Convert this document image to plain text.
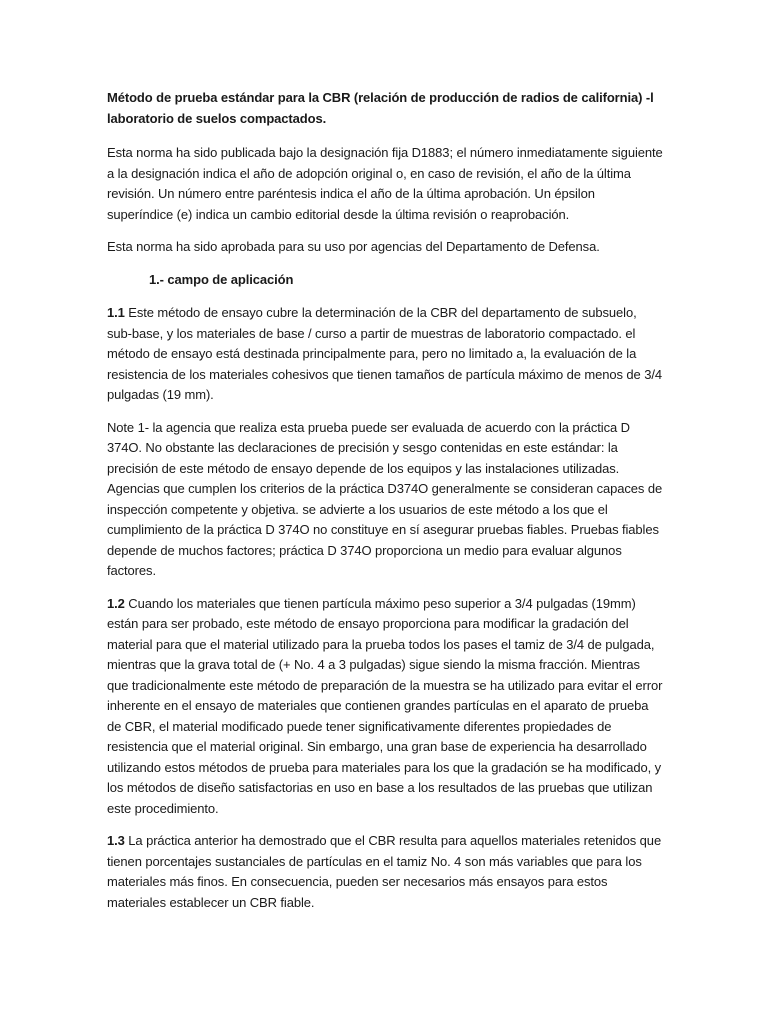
Método de prueba estándar para la CBR (relación de producción de radios de california) -l laboratorio de suelos compactados.

Esta norma ha sido publicada bajo la designación fija D1883; el número inmediatamente siguiente a la designación indica el año de adopción original o, en caso de revisión, el año de la última revisión. Un número entre paréntesis indica el año de la última aprobación. Un épsilon superíndice (e) indica un cambio editorial desde la última revisión o reaprobación.

Esta norma ha sido aprobada para su uso por agencias del Departamento de Defensa.

1.- campo de aplicación

1.1 Este método de ensayo cubre la determinación de la CBR del departamento de subsuelo, sub-base, y los materiales de base / curso a partir de muestras de laboratorio compactado. el método de ensayo está destinada principalmente para, pero no limitado a, la evaluación de la resistencia de los materiales cohesivos que tienen tamaños de partícula máximo de menos de 3/4 pulgadas (19 mm).

Note 1- la agencia que realiza esta prueba puede ser evaluada de acuerdo con la práctica D 374O. No obstante las declaraciones de precisión y sesgo contenidas en este estándar: la precisión de este método de ensayo depende de los equipos y las instalaciones utilizadas. Agencias que cumplen los criterios de la práctica D374O generalmente se consideran capaces de inspección competente y objetiva. se advierte a los usuarios de este método a los que el cumplimiento de la práctica D 374O no constituye en sí asegurar pruebas fiables. Pruebas fiables depende de muchos factores; práctica D 374O proporciona un medio para evaluar algunos factores.

1.2 Cuando los materiales que tienen partícula máximo peso superior a 3/4 pulgadas (19mm) están para ser probado, este método de ensayo proporciona para modificar la gradación del material para que el material utilizado para la prueba todos los pases el tamiz de 3/4 de pulgada, mientras que la grava total de (+ No. 4 a 3 pulgadas) sigue siendo la misma fracción. Mientras que tradicionalmente este método de preparación de la muestra se ha utilizado para evitar el error inherente en el ensayo de materiales que contienen grandes partículas en el aparato de prueba de CBR, el material modificado puede tener significativamente diferentes propiedades de resistencia que el material original. Sin embargo, una gran base de experiencia ha desarrollado utilizando estos métodos de prueba para materiales para los que la gradación se ha modificado, y los métodos de diseño satisfactorias en uso en base a los resultados de las pruebas que utilizan este procedimiento.

1.3 La práctica anterior ha demostrado que el CBR resulta para aquellos materiales retenidos que tienen porcentajes sustanciales de partículas en el tamiz No. 4 son más variables que para los materiales más finos. En consecuencia, pueden ser necesarios más ensayos para estos materiales establecer un CBR fiable.
